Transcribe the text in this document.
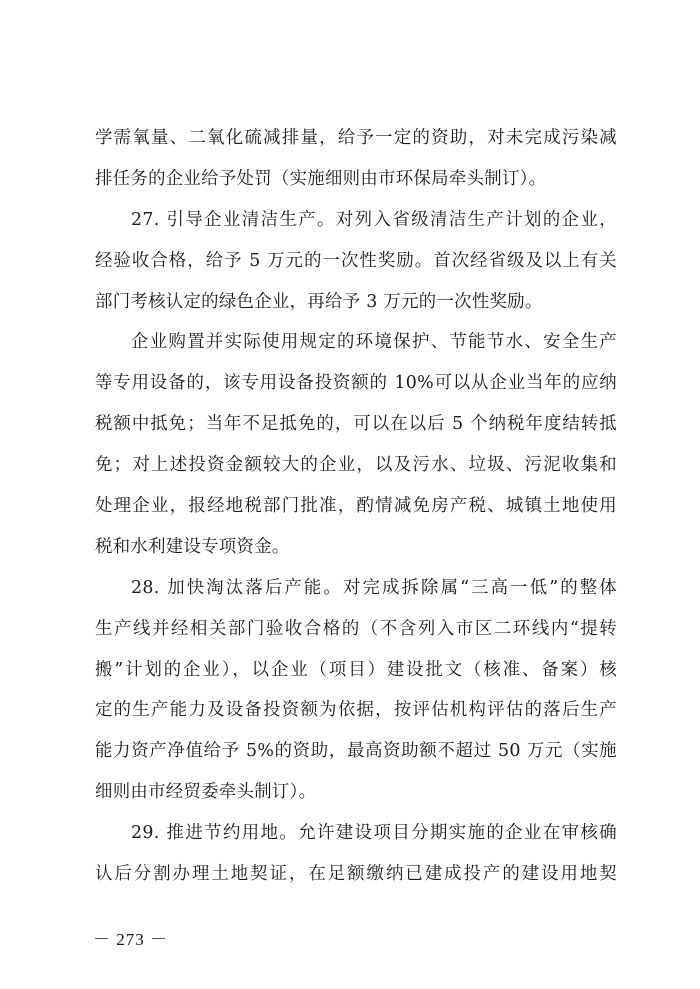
学需氧量、二氧化硫减排量，给予一定的资助，对未完成污染减
排任务的企业给予处罚（实施细则由市环保局牵头制订）。
27. 引导企业清洁生产。对列入省级清洁生产计划的企业，
经验收合格，给予 5 万元的一次性奖励。首次经省级及以上有关
部门考核认定的绿色企业，再给予 3 万元的一次性奖励。
企业购置并实际使用规定的环境保护、节能节水、安全生产
等专用设备的，该专用设备投资额的 10%可以从企业当年的应纳
税额中抵免；当年不足抵免的，可以在以后 5 个纳税年度结转抵
免；对上述投资金额较大的企业，以及污水、垃圾、污泥收集和
处理企业，报经地税部门批准，酌情减免房产税、城镇土地使用
税和水利建设专项资金。
28. 加快淘汰落后产能。对完成拆除属“三高一低”的整体
生产线并经相关部门验收合格的（不含列入市区二环线内“提转
搬”计划的企业），以企业（项目）建设批文（核准、备案）核
定的生产能力及设备投资额为依据，按评估机构评估的落后生产
能力资产净值给予 5%的资助，最高资助额不超过 50 万元（实施
细则由市经贸委牵头制订）。
29. 推进节约用地。允许建设项目分期实施的企业在审核确
认后分割办理土地契证，在足额缴纳已建成投产的建设用地契
－ 273 －
